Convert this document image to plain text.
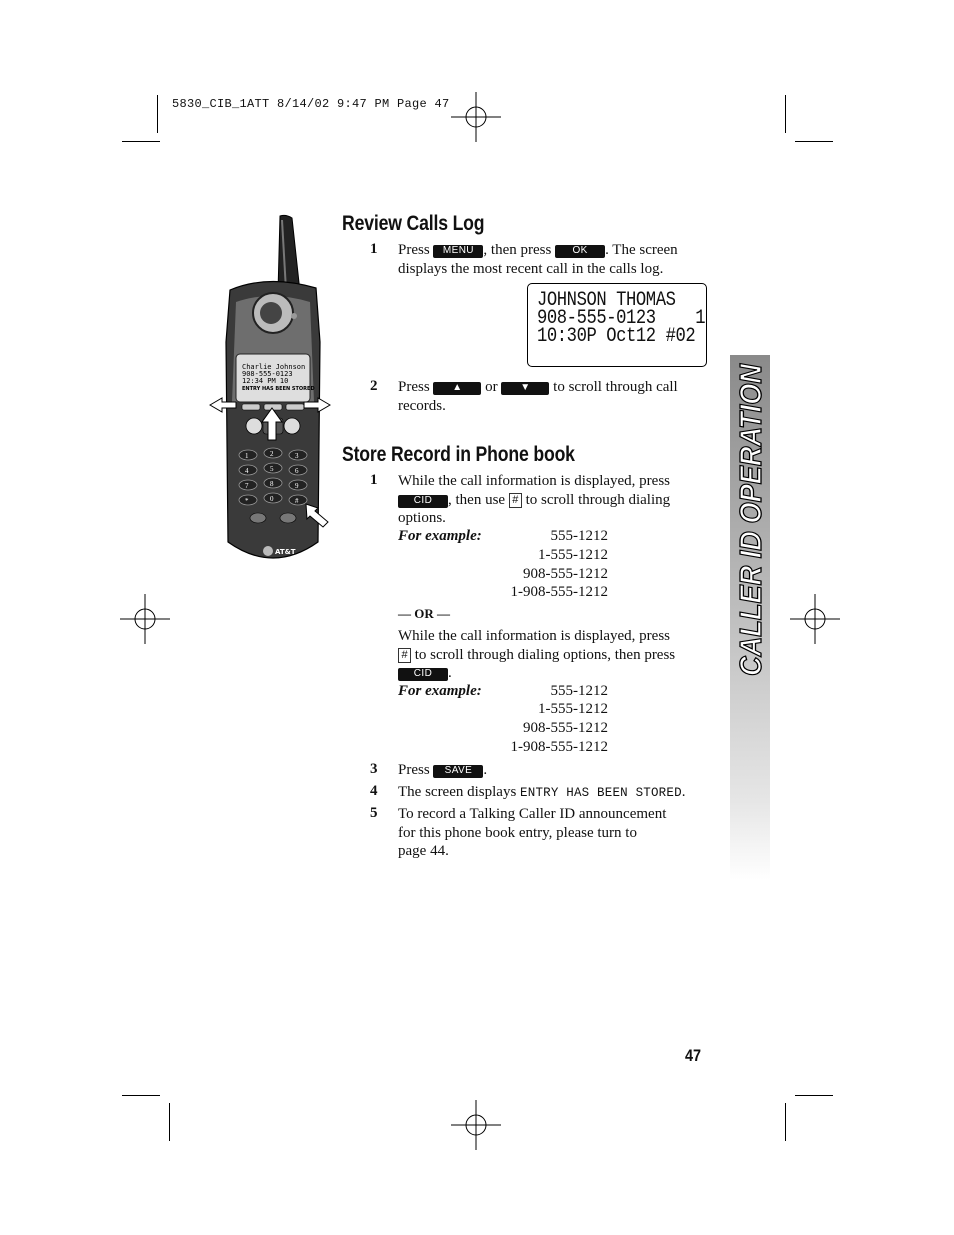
5830_CIB_1ATT 8/14/02 9:47 PM Page 47
CALLER ID OPERATION
Charlie Johnson
908-555-0123
12:34 PM 10
ENTRY HAS BEEN STORED
1	2	3
4	5	6
7	8	9
*	0	#
AT&T
Review Calls Log
1 Press MENU , then press OK . The screen
displays the most recent call in the calls log.
JOHNSON THOMAS
908-555-0123    1
10:30P Oct12 #02
2 Press ▲ or ▼ to scroll through call
records.
Store Record in Phone book
1 While the call information is displayed, press
CID , then use # to scroll through dialing
options.
For example:	555-1212
1-555-1212
908-555-1212
1-908-555-1212
— OR —
While the call information is displayed, press
# to scroll through dialing options, then press
CID .
For example:	555-1212
1-555-1212
908-555-1212
1-908-555-1212
3 Press SAVE .
4 The screen displays ENTRY HAS BEEN STORED.
5 To record a Talking Caller ID announcement
for this phone book entry, please turn to
page 44.
47
